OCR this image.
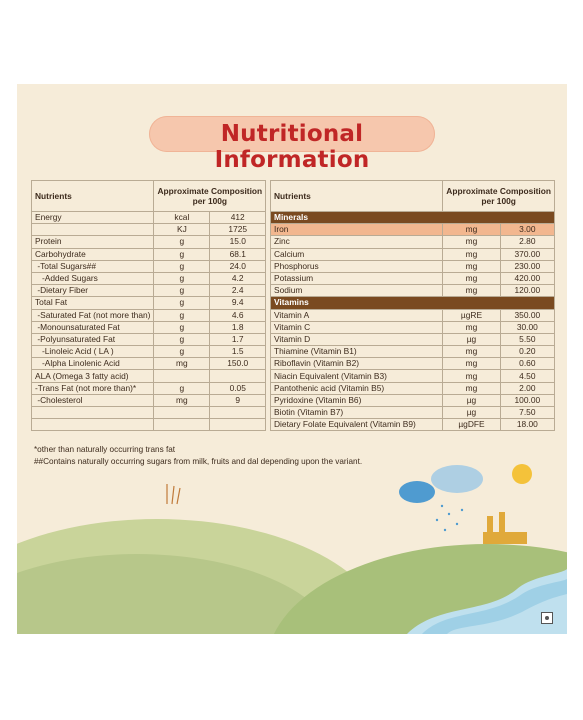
Nutritional Information
Nutrients	Approximate Composition
per 100g	
Energy	kcal	412
	KJ	1725
Protein	g	15.0
Carbohydrate	g	68.1
-Total Sugars##	g	24.0
-Added Sugars	g	4.2
-Dietary Fiber	g	2.4
Total Fat	g	9.4
-Saturated Fat (not more than)	g	4.6
-Monounsaturated Fat	g	1.8
-Polyunsaturated Fat	g	1.7
-Linoleic Acid ( LA )	g	1.5
-Alpha Linolenic Acid	mg	150.0
ALA (Omega 3 fatty acid)		
-Trans Fat (not more than)*	g	0.05
-Cholesterol	mg	9

Nutrients	Approximate Composition
per 100g	
Minerals		
Iron	mg	3.00
Zinc	mg	2.80
Calcium	mg	370.00
Phosphorus	mg	230.00
Potassium	mg	420.00
Sodium	mg	120.00
Vitamins		
Vitamin A	µgRE	350.00
Vitamin C	mg	30.00
Vitamin D	µg	5.50
Thiamine (Vitamin B1)	mg	0.20
Riboflavin (Vitamin B2)	mg	0.60
Niacin Equivalent (Vitamin B3)	mg	4.50
Pantothenic acid (Vitamin B5)	mg	2.00
Pyridoxine (Vitamin B6)	µg	100.00
Biotin (Vitamin B7)	µg	7.50
Dietary Folate Equivalent (Vitamin B9)	µgDFE	18.00
*other than naturally occurring trans fat
##Contains naturally occurring sugars from milk, fruits and dal depending upon the variant.
